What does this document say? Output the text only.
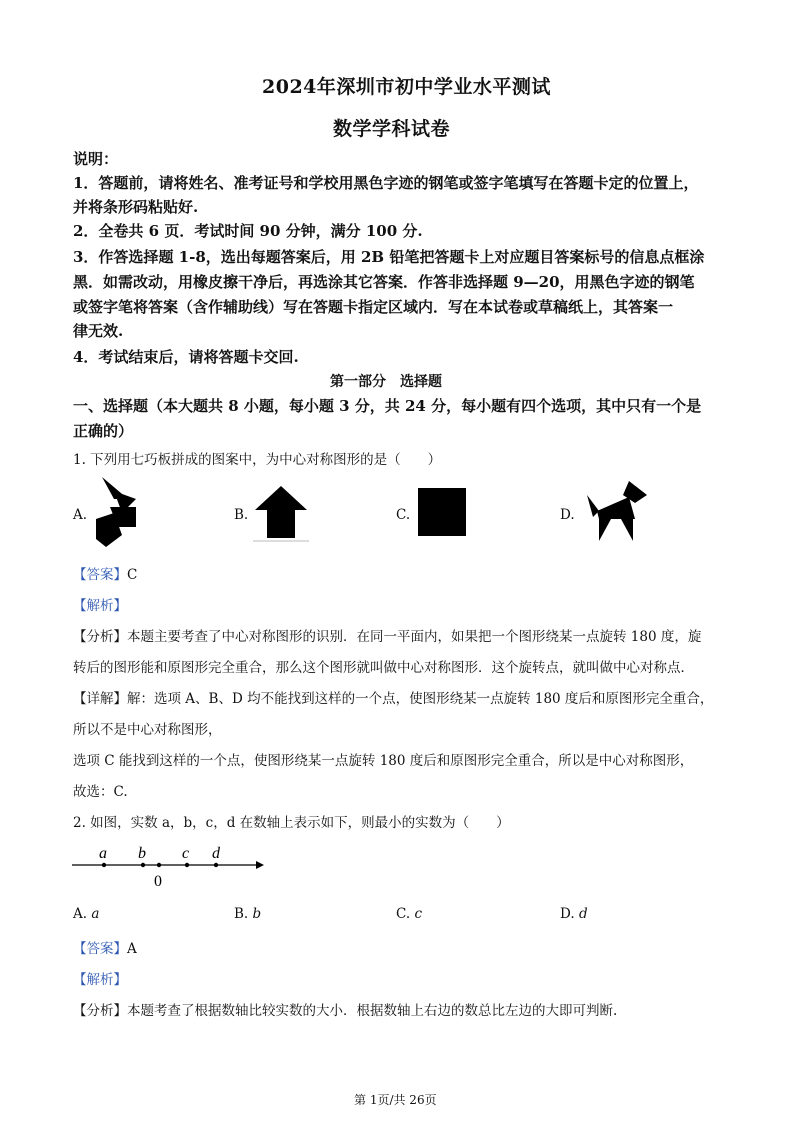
2024年深圳市初中学业水平测试
数学学科试卷
说明：
1．答题前，请将姓名、准考证号和学校用黑色字迹的钢笔或签字笔填写在答题卡定的位置上，
并将条形码粘贴好.
2．全卷共 6 页．考试时间 90 分钟，满分 100 分.
3．作答选择题 1-8，选出每题答案后，用 2B 铅笔把答题卡上对应题目答案标号的信息点框涂
黑．如需改动，用橡皮擦干净后，再选涂其它答案．作答非选择题 9—20，用黑色字迹的钢笔
或签字笔将答案（含作辅助线）写在答题卡指定区域内．写在本试卷或草稿纸上，其答案一
律无效.
4．考试结束后，请将答题卡交回.
第一部分　选择题
一、选择题（本大题共 8 小题，每小题 3 分，共 24 分，每小题有四个选项，其中只有一个是
正确的）
1. 下列用七巧板拼成的图案中，为中心对称图形的是（　　）
A.	B.	C.	D.
【答案】C
【解析】
【分析】本题主要考查了中心对称图形的识别．在同一平面内，如果把一个图形绕某一点旋转 180 度，旋
转后的图形能和原图形完全重合，那么这个图形就叫做中心对称图形．这个旋转点，就叫做中心对称点．
【详解】解：选项 A、B、D 均不能找到这样的一个点，使图形绕某一点旋转 180 度后和原图形完全重合，
所以不是中心对称图形，
选项 C 能找到这样的一个点，使图形绕某一点旋转 180 度后和原图形完全重合，所以是中心对称图形，
故选：C.
2. 如图，实数 a，b，c，d 在数轴上表示如下，则最小的实数为（　　）
a b c d
0
A. a	B. b	C. c	D. d
【答案】A
【解析】
【分析】本题考查了根据数轴比较实数的大小．根据数轴上右边的数总比左边的大即可判断.
第 1页/共 26页
